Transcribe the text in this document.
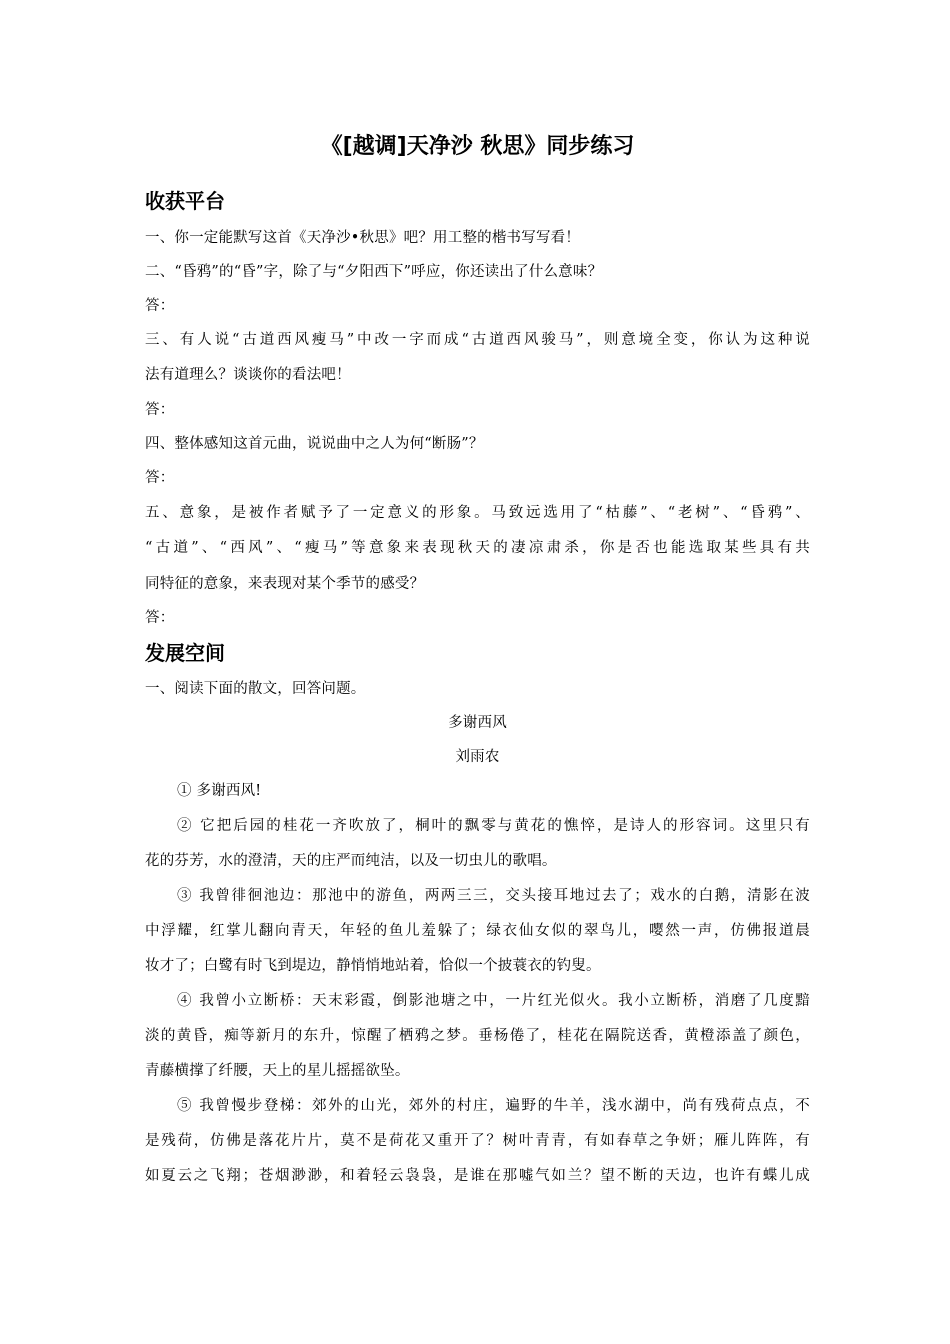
《[越调]天净沙 秋思》同步练习
收获平台
一、你一定能默写这首《天净沙•秋思》吧？用工整的楷书写写看！
二、“昏鸦”的“昏”字，除了与“夕阳西下”呼应，你还读出了什么意味？
答：
三、有人说“古道西风瘦马”中改一字而成“古道西风骏马”，则意境全变，你认为这种说
法有道理么？谈谈你的看法吧！
答：
四、整体感知这首元曲，说说曲中之人为何“断肠”？
答：
五、意象，是被作者赋予了一定意义的形象。马致远选用了“枯藤”、“老树”、“昏鸦”、
“古道”、“西风”、“瘦马”等意象来表现秋天的凄凉肃杀，你是否也能选取某些具有共
同特征的意象，来表现对某个季节的感受？
答：
发展空间
一、阅读下面的散文，回答问题。
多谢西风
刘雨农
① 多谢西风!
② 它把后园的桂花一齐吹放了，桐叶的飘零与黄花的憔悴，是诗人的形容词。这里只有
花的芬芳，水的澄清，天的庄严而纯洁，以及一切虫儿的歌唱。
③ 我曾徘徊池边：那池中的游鱼，两两三三，交头接耳地过去了；戏水的白鹅，清影在波
中浮耀，红掌儿翻向青天，年轻的鱼儿羞躲了；绿衣仙女似的翠鸟儿，嘤然一声，仿佛报道晨
妆才了；白鹭有时飞到堤边，静悄悄地站着，恰似一个披蓑衣的钓叟。
④ 我曾小立断桥：天末彩霞，倒影池塘之中，一片红光似火。我小立断桥，消磨了几度黯
淡的黄昏，痴等新月的东升，惊醒了栖鸦之梦。垂杨倦了，桂花在隔院送香，黄橙添盖了颜色，
青藤横撑了纤腰，天上的星儿摇摇欲坠。
⑤ 我曾慢步登梯：郊外的山光，郊外的村庄，遍野的牛羊，浅水湖中，尚有残荷点点，不
是残荷，仿佛是落花片片，莫不是荷花又重开了？树叶青青，有如春草之争妍；雁儿阵阵，有
如夏云之飞翔；苍烟渺渺，和着轻云袅袅，是谁在那嘘气如兰？望不断的天边，也许有蝶儿成
